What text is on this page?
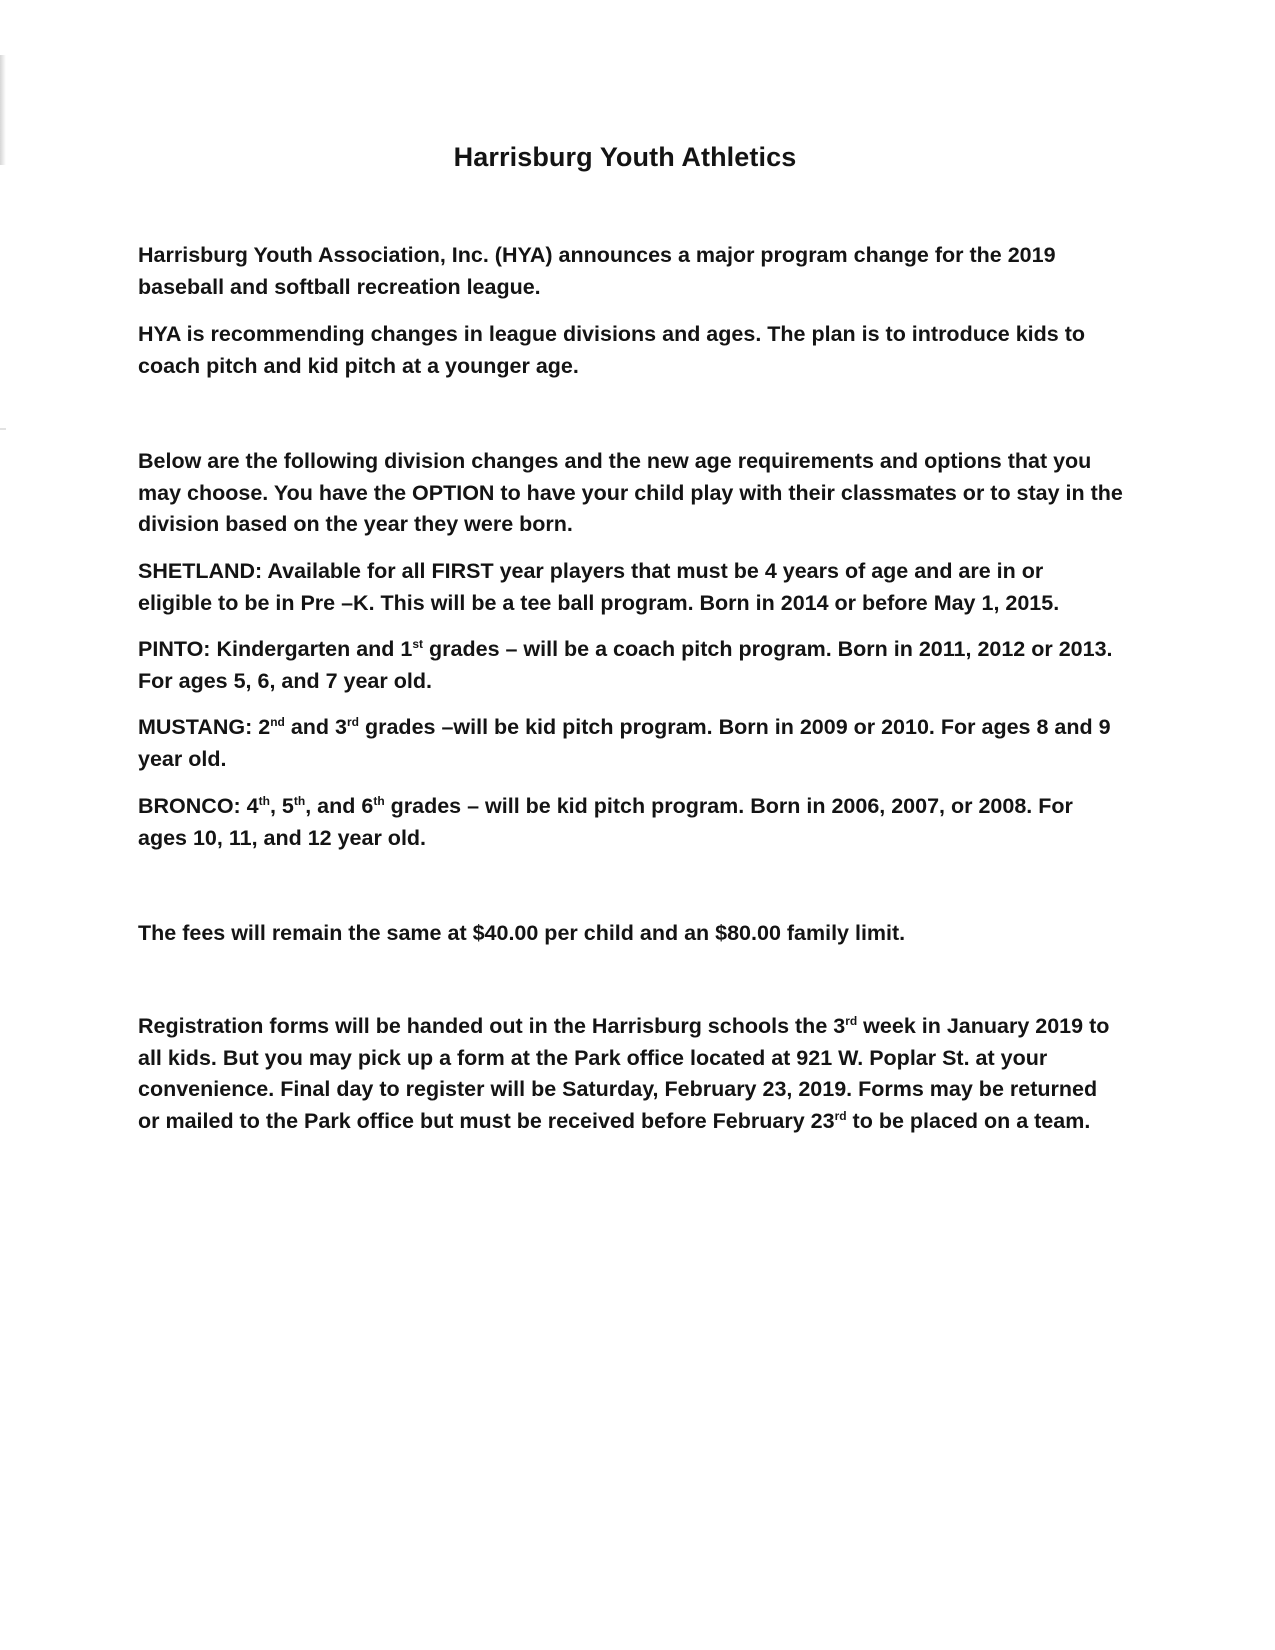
Harrisburg Youth Athletics

Harrisburg Youth Association, Inc. (HYA) announces a major program change for the 2019 baseball and softball recreation league.

HYA is recommending changes in league divisions and ages. The plan is to introduce kids to coach pitch and kid pitch at a younger age.

Below are the following division changes and the new age requirements and options that you may choose. You have the OPTION to have your child play with their classmates or to stay in the division based on the year they were born.

SHETLAND: Available for all FIRST year players that must be 4 years of age and are in or eligible to be in Pre –K. This will be a tee ball program. Born in 2014 or before May 1, 2015.

PINTO: Kindergarten and 1st grades – will be a coach pitch program. Born in 2011, 2012 or 2013. For ages 5, 6, and 7 year old.

MUSTANG: 2nd and 3rd grades –will be kid pitch program. Born in 2009 or 2010. For ages 8 and 9 year old.

BRONCO: 4th, 5th, and 6th grades – will be kid pitch program. Born in 2006, 2007, or 2008. For ages 10, 11, and 12 year old.

The fees will remain the same at $40.00 per child and an $80.00 family limit.

Registration forms will be handed out in the Harrisburg schools the 3rd week in January 2019 to all kids. But you may pick up a form at the Park office located at 921 W. Poplar St. at your convenience. Final day to register will be Saturday, February 23, 2019. Forms may be returned or mailed to the Park office but must be received before February 23rd to be placed on a team.
